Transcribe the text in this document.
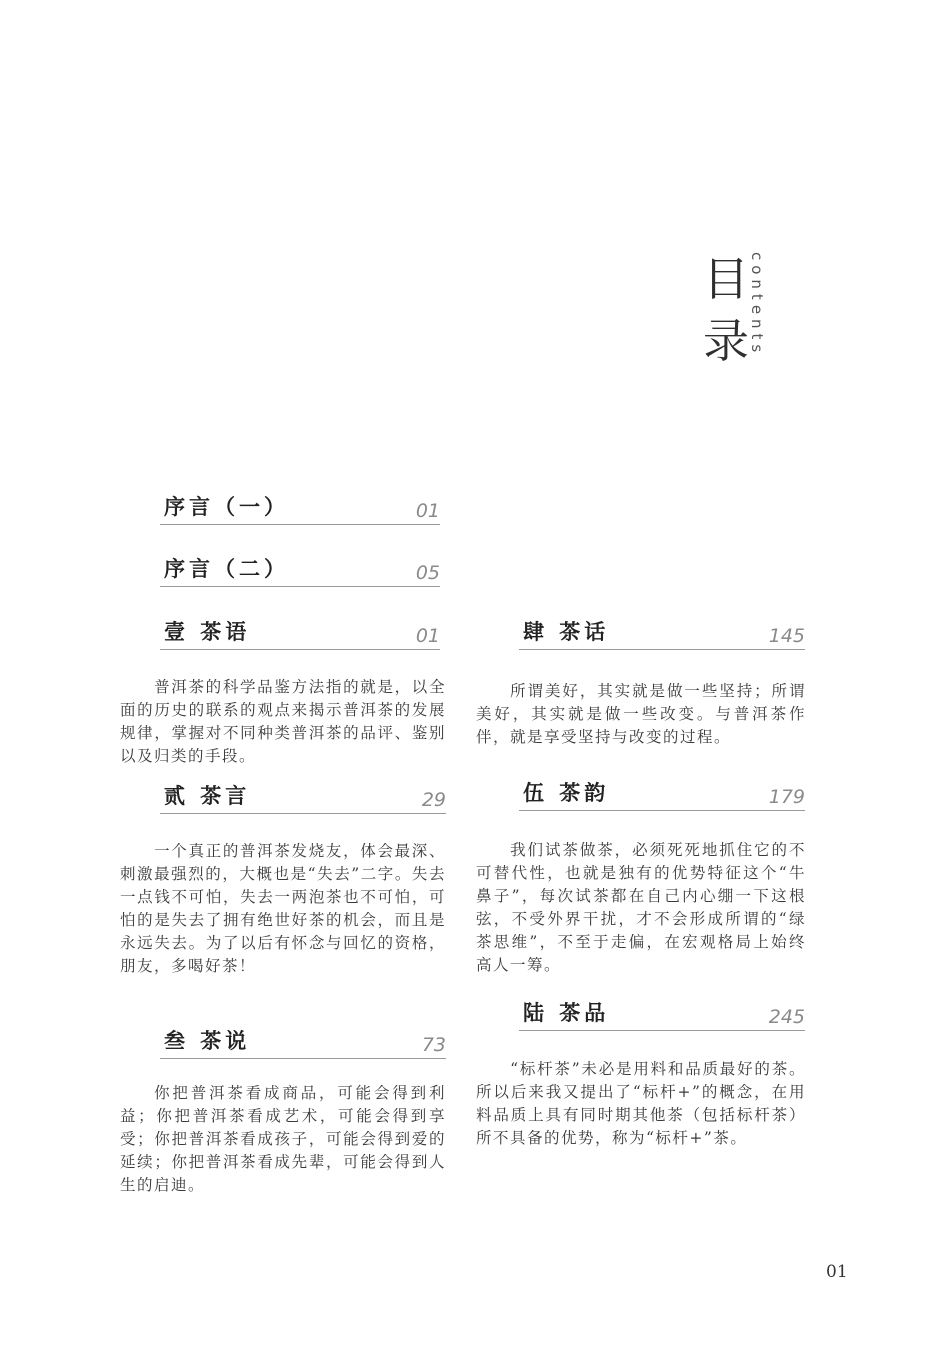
目
录 contents
序言（一）	01
序言（二）	05
壹 茶语	01

普洱茶的科学品鉴方法指的就是，以全面的历史的联系的观点来揭示普洱茶的发展规律，掌握对不同种类普洱茶的品评、鉴别以及归类的手段。

贰 茶言	29

一个真正的普洱茶发烧友，体会最深、刺激最强烈的，大概也是“失去”二字。失去一点钱不可怕，失去一两泡茶也不可怕，可怕的是失去了拥有绝世好茶的机会，而且是永远失去。为了以后有怀念与回忆的资格，朋友，多喝好茶！

叁 茶说	73

你把普洱茶看成商品，可能会得到利益；你把普洱茶看成艺术，可能会得到享受；你把普洱茶看成孩子，可能会得到爱的延续；你把普洱茶看成先辈，可能会得到人生的启迪。

肆 茶话	145

所谓美好，其实就是做一些坚持；所谓美好，其实就是做一些改变。与普洱茶作伴，就是享受坚持与改变的过程。

伍 茶韵	179

我们试茶做茶，必须死死地抓住它的不可替代性，也就是独有的优势特征这个“牛鼻子”，每次试茶都在自己内心绷一下这根弦，不受外界干扰，才不会形成所谓的“绿茶思维”，不至于走偏，在宏观格局上始终高人一筹。

陆 茶品	245

“标杆茶”未必是用料和品质最好的茶。所以后来我又提出了“标杆+”的概念，在用料品质上具有同时期其他茶（包括标杆茶）所不具备的优势，称为“标杆+”茶。

01
